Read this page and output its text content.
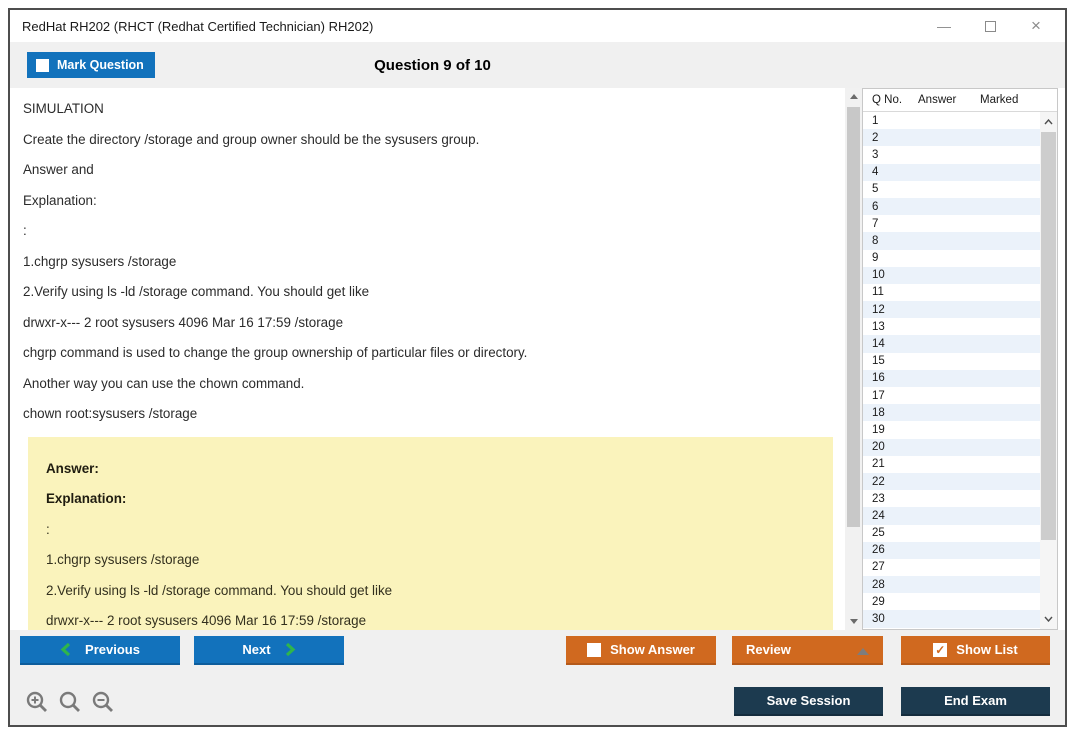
RedHat RH202 (RHCT (Redhat Certified Technician) RH202)	—	×
Mark Question	Question 9 of 10
SIMULATION
Create the directory /storage and group owner should be the sysusers group.
Answer and
Explanation:
:
1.chgrp sysusers /storage
2.Verify using ls -ld /storage command. You should get like
drwxr-x--- 2 root sysusers 4096 Mar 16 17:59 /storage
chgrp command is used to change the group ownership of particular files or directory.
Another way you can use the chown command.
chown root:sysusers /storage
Answer:
Explanation:
:
1.chgrp sysusers /storage
2.Verify using ls -ld /storage command. You should get like
drwxr-x--- 2 root sysusers 4096 Mar 16 17:59 /storage
Q No.	Answer	Marked
1
2
3
4
5
6
7
8
9
10
11
12
13
14
15
16
17
18
19
20
21
22
23
24
25
26
27
28
29
30
Previous	Next	Show Answer	Review	✓ Show List
Save Session	End Exam
